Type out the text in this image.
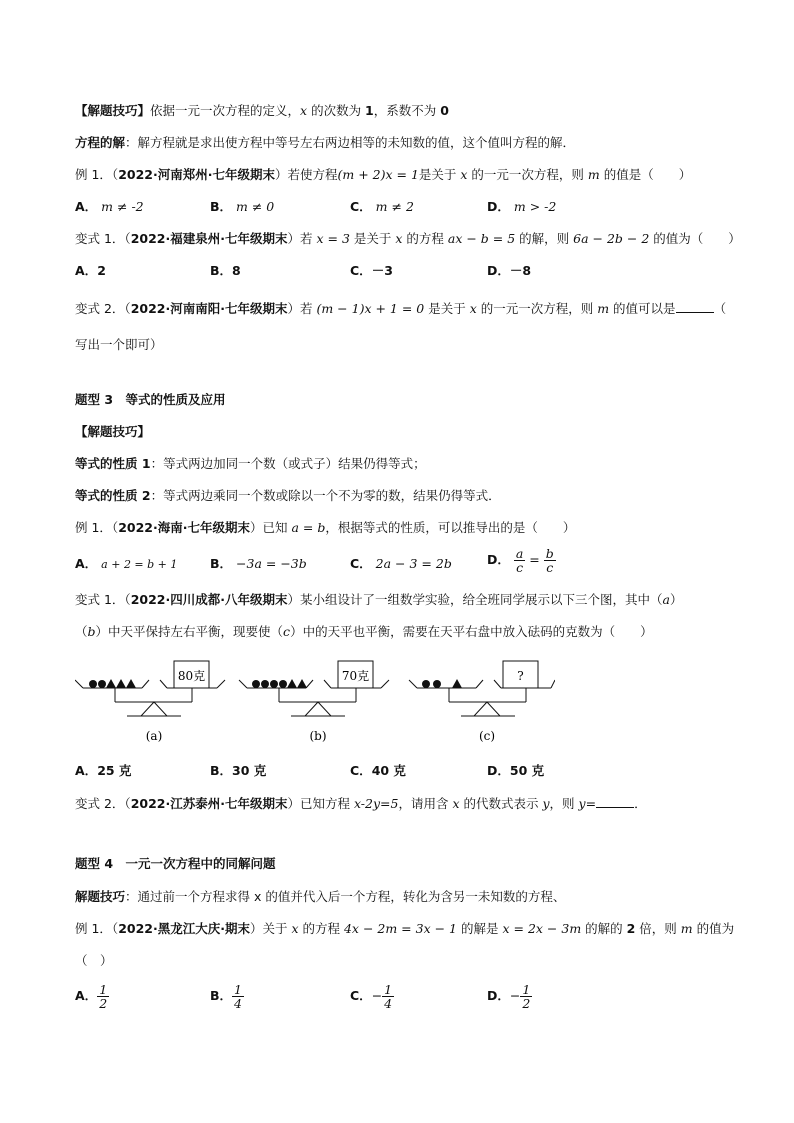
【解题技巧】依据一元一次方程的定义，x 的次数为 1，系数不为 0
方程的解：解方程就是求出使方程中等号左右两边相等的未知数的值，这个值叫方程的解．
例 1．（2022·河南郑州·七年级期末）若使方程(m + 2)x = 1是关于 x 的一元一次方程，则 m 的值是（　　）
A． m ≠ -2	B． m ≠ 0	C． m ≠ 2	D． m > -2
变式 1．（2022·福建泉州·七年级期末）若 x = 3 是关于 x 的方程 ax − b = 5 的解，则 6a − 2b − 2 的值为（　　）
A．2	B．8	C．－3	D．－8
变式 2．（2022·河南南阳·七年级期末）若 (m − 1)x + 1 = 0 是关于 x 的一元一次方程，则 m 的值可以是	（
写出一个即可）
题型 3　等式的性质及应用
【解题技巧】
等式的性质 1：等式两边加同一个数（或式子）结果仍得等式；
等式的性质 2：等式两边乘同一个数或除以一个不为零的数，结果仍得等式．
例 1．（2022·海南·七年级期末）已知 a = b，根据等式的性质，可以推导出的是（　　）
A． a + 2 = b + 1	B． −3a = −3b	C． 2a − 3 = 2b	D． $\frac{a}{c} = \frac{b}{c}$
变式 1．（2022·四川成都·八年级期末）某小组设计了一组数学实验，给全班同学展示以下三个图，其中（a）
（b）中天平保持左右平衡，现要使（c）中的天平也平衡，需要在天平右盘中放入砝码的克数为（　　）
80克
(a)
70克
(b)
?
(c)
A．25 克	B．30 克	C．40 克	D．50 克
变式 2．（2022·江苏泰州·七年级期末）已知方程 x-2y=5，请用含 x 的代数式表示 y，则 y=	．
题型 4　一元一次方程中的同解问题
解题技巧：通过前一个方程求得 x 的值并代入后一个方程，转化为含另一未知数的方程、
例 1．（2022·黑龙江大庆·期末）关于 x 的方程 4x − 2m = 3x − 1 的解是 x = 2x − 3m 的解的 2 倍，则 m 的值为
（　）
A． $\frac{1}{2}$	B． $\frac{1}{4}$	C．− $\frac{1}{4}$	D．− $\frac{1}{2}$
